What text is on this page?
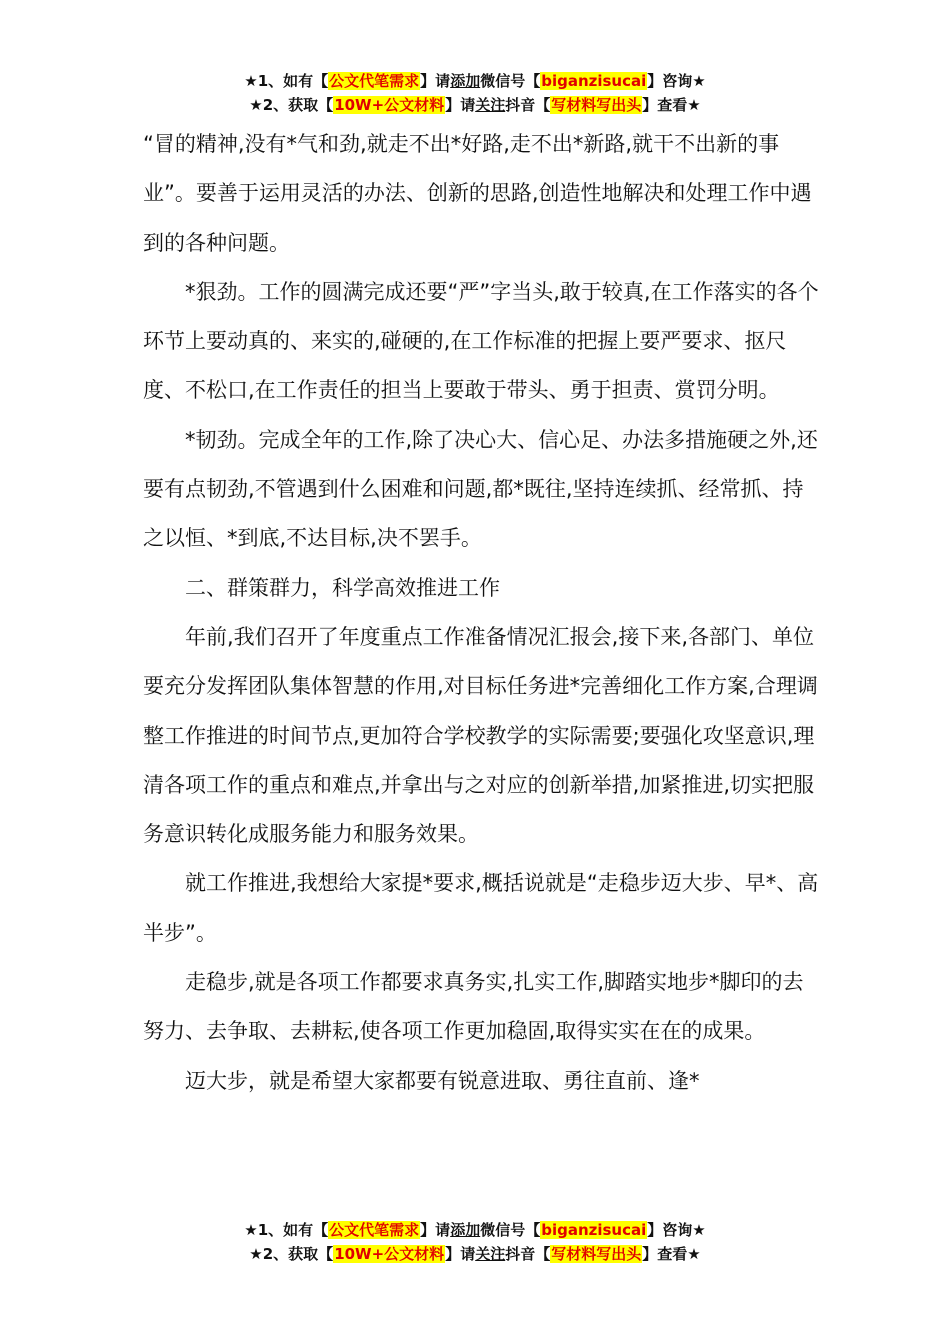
★1、如有【公文代笔需求】请添加微信号【biganzisucai】咨询★
★2、获取【10W+公文材料】请关注抖音【写材料写出头】查看★

“冒的精神,没有*气和劲,就走不出*好路,走不出*新路,就干不出新的事业”。要善于运用灵活的办法、创新的思路,创造性地解决和处理工作中遇到的各种问题。

*狠劲。工作的圆满完成还要“严”字当头,敢于较真,在工作落实的各个环节上要动真的、来实的,碰硬的,在工作标准的把握上要严要求、抠尺度、不松口,在工作责任的担当上要敢于带头、勇于担责、赏罚分明。

*韧劲。完成全年的工作,除了决心大、信心足、办法多措施硬之外,还要有点韧劲,不管遇到什么困难和问题,都*既往,坚持连续抓、经常抓、持之以恒、*到底,不达目标,决不罢手。

二、群策群力，科学高效推进工作

年前,我们召开了年度重点工作准备情况汇报会,接下来,各部门、单位要充分发挥团队集体智慧的作用,对目标任务进*完善细化工作方案,合理调整工作推进的时间节点,更加符合学校教学的实际需要;要强化攻坚意识,理清各项工作的重点和难点,并拿出与之对应的创新举措,加紧推进,切实把服务意识转化成服务能力和服务效果。

就工作推进,我想给大家提*要求,概括说就是“走稳步迈大步、早*、高半步”。

走稳步,就是各项工作都要求真务实,扎实工作,脚踏实地步*脚印的去努力、去争取、去耕耘,使各项工作更加稳固,取得实实在在的成果。

迈大步，就是希望大家都要有锐意进取、勇往直前、逢*

★1、如有【公文代笔需求】请添加微信号【biganzisucai】咨询★
★2、获取【10W+公文材料】请关注抖音【写材料写出头】查看★
